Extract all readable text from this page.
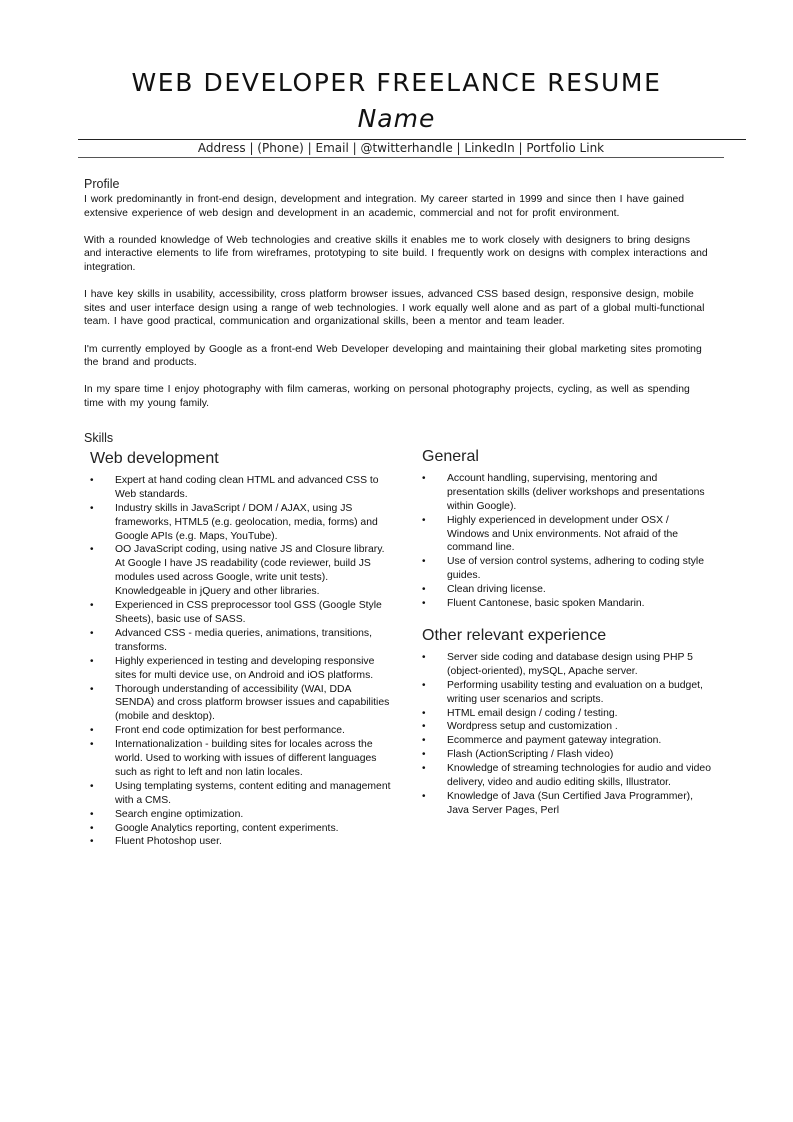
WEB DEVELOPER FREELANCE RESUME
Name
Address | (Phone) | Email | @twitterhandle | LinkedIn | Portfolio Link
Profile

I work predominantly in front-end design, development and integration. My career started in 1999 and since then I have gained extensive experience of web design and development in an academic, commercial and not for profit environment.

With a rounded knowledge of Web technologies and creative skills it enables me to work closely with designers to bring designs and interactive elements to life from wireframes, prototyping to site build. I frequently work on designs with complex interactions and integration.

I have key skills in usability, accessibility, cross platform browser issues, advanced CSS based design, responsive design, mobile sites and user interface design using a range of web technologies. I work equally well alone and as part of a global multi-functional team. I have good practical, communication and organizational skills, been a mentor and team leader.

I'm currently employed by Google as a front-end Web Developer developing and maintaining their global marketing sites promoting the brand and products.

In my spare time I enjoy photography with film cameras, working on personal photography projects, cycling, as well as spending time with my young family.

Skills
Web development
• Expert at hand coding clean HTML and advanced CSS to Web standards.
• Industry skills in JavaScript / DOM / AJAX, using JS frameworks, HTML5 (e.g. geolocation, media, forms) and Google APIs (e.g. Maps, YouTube).
• OO JavaScript coding, using native JS and Closure library. At Google I have JS readability (code reviewer, build JS modules used across Google, write unit tests). Knowledgeable in jQuery and other libraries.
• Experienced in CSS preprocessor tool GSS (Google Style Sheets), basic use of SASS.
• Advanced CSS - media queries, animations, transitions, transforms.
• Highly experienced in testing and developing responsive sites for multi device use, on Android and iOS platforms.
• Thorough understanding of accessibility (WAI, DDA SENDA) and cross platform browser issues and capabilities (mobile and desktop).
• Front end code optimization for best performance.
• Internationalization - building sites for locales across the world. Used to working with issues of different languages such as right to left and non latin locales.
• Using templating systems, content editing and management with a CMS.
• Search engine optimization.
• Google Analytics reporting, content experiments.
• Fluent Photoshop user.
General
• Account handling, supervising, mentoring and presentation skills (deliver workshops and presentations within Google).
• Highly experienced in development under OSX / Windows and Unix environments. Not afraid of the command line.
• Use of version control systems, adhering to coding style guides.
• Clean driving license.
• Fluent Cantonese, basic spoken Mandarin.
Other relevant experience
• Server side coding and database design using PHP 5 (object-oriented), mySQL, Apache server.
• Performing usability testing and evaluation on a budget, writing user scenarios and scripts.
• HTML email design / coding / testing.
• Wordpress setup and customization .
• Ecommerce and payment gateway integration.
• Flash (ActionScripting / Flash video)
• Knowledge of streaming technologies for audio and video delivery, video and audio editing skills, Illustrator.
• Knowledge of Java (Sun Certified Java Programmer), Java Server Pages, Perl
